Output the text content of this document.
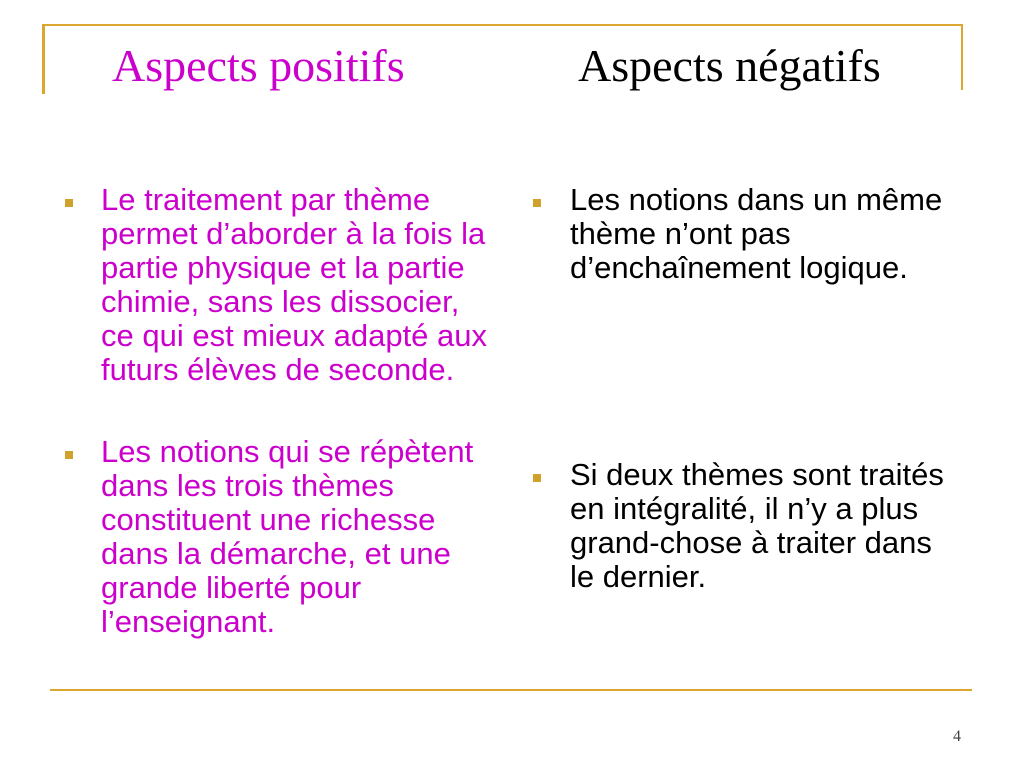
Aspects positifs	Aspects négatifs
Le traitement par thème
permet d’aborder à la fois la
partie physique et la partie
chimie, sans les dissocier,
ce qui est mieux adapté aux
futurs élèves de seconde.
Les notions qui se répètent
dans les trois thèmes
constituent une richesse
dans la démarche, et une
grande liberté pour
l’enseignant.
Les notions dans un même
thème n’ont pas
d’enchaînement logique.
Si deux thèmes sont traités
en intégralité, il n’y a plus
grand-chose à traiter dans
le dernier.
4
